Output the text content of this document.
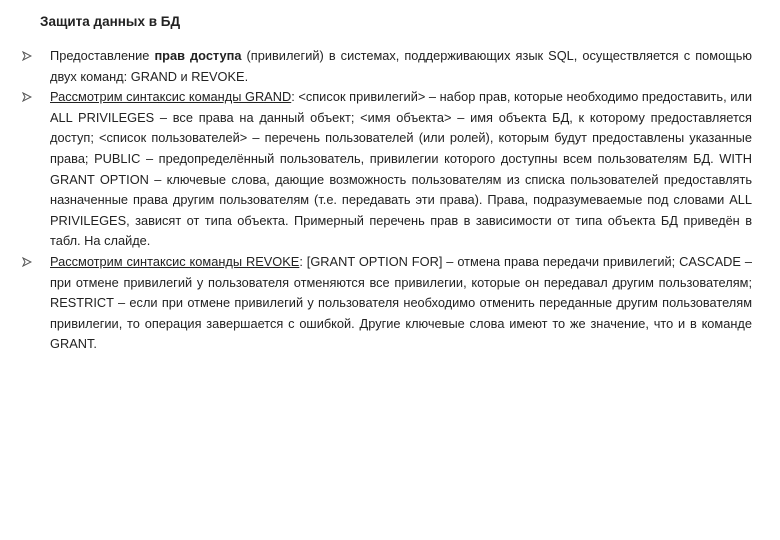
Защита данных в БД
Предоставление прав доступа (привилегий) в системах, поддерживающих язык SQL, осуществляется с помощью двух команд: GRAND и REVOKE.
Рассмотрим синтаксис команды GRAND: <список привилегий> – набор прав, которые необходимо предоставить, или ALL PRIVILEGES – все права на данный объект; <имя объекта> – имя объекта БД, к которому предоставляется доступ; <список пользователей> – перечень пользователей (или ролей), которым будут предоставлены указанные права; PUBLIC – предопределённый пользователь, привилегии которого доступны всем пользователям БД. WITH GRANT OPTION – ключевые слова, дающие возможность пользователям из списка пользователей предоставлять назначенные права другим пользователям (т.е. передавать эти права). Права, подразумеваемые под словами ALL PRIVILEGES, зависят от типа объекта. Примерный перечень прав в зависимости от типа объекта БД приведён в табл. На слайде.
Рассмотрим синтаксис команды REVOKE: [GRANT OPTION FOR] – отмена права передачи привилегий; CASCADE – при отмене привилегий у пользователя отменяются все привилегии, которые он передавал другим пользователям; RESTRICT – если при отмене привилегий у пользователя необходимо отменить переданные другим пользователям привилегии, то операция завершается с ошибкой. Другие ключевые слова имеют то же значение, что и в команде GRANT.
